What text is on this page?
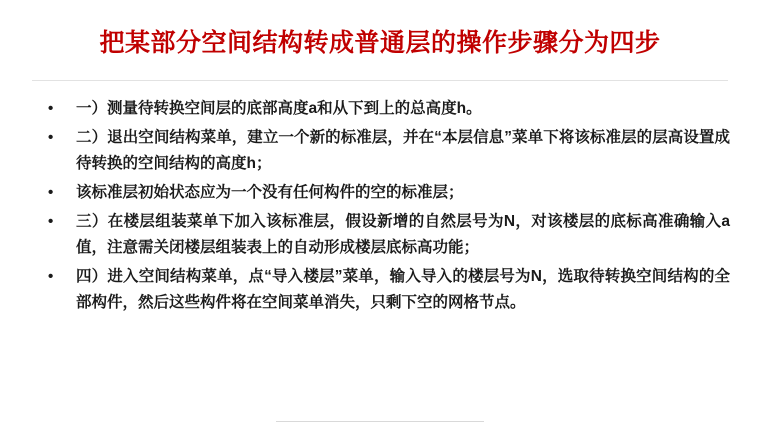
把某部分空间结构转成普通层的操作步骤分为四步
•	一）测量待转换空间层的底部高度a和从下到上的总高度h。
•	二）退出空间结构菜单，建立一个新的标准层，并在“本层信息”菜单下将该标准层的层高设置成待转换的空间结构的高度h；
•	该标准层初始状态应为一个没有任何构件的空的标准层；
•	三）在楼层组装菜单下加入该标准层，假设新增的自然层号为N，对该楼层的底标高准确输入a值，注意需关闭楼层组装表上的自动形成楼层底标高功能；
•	四）进入空间结构菜单，点“导入楼层”菜单，输入导入的楼层号为N，选取待转换空间结构的全部构件，然后这些构件将在空间菜单消失，只剩下空的网格节点。
